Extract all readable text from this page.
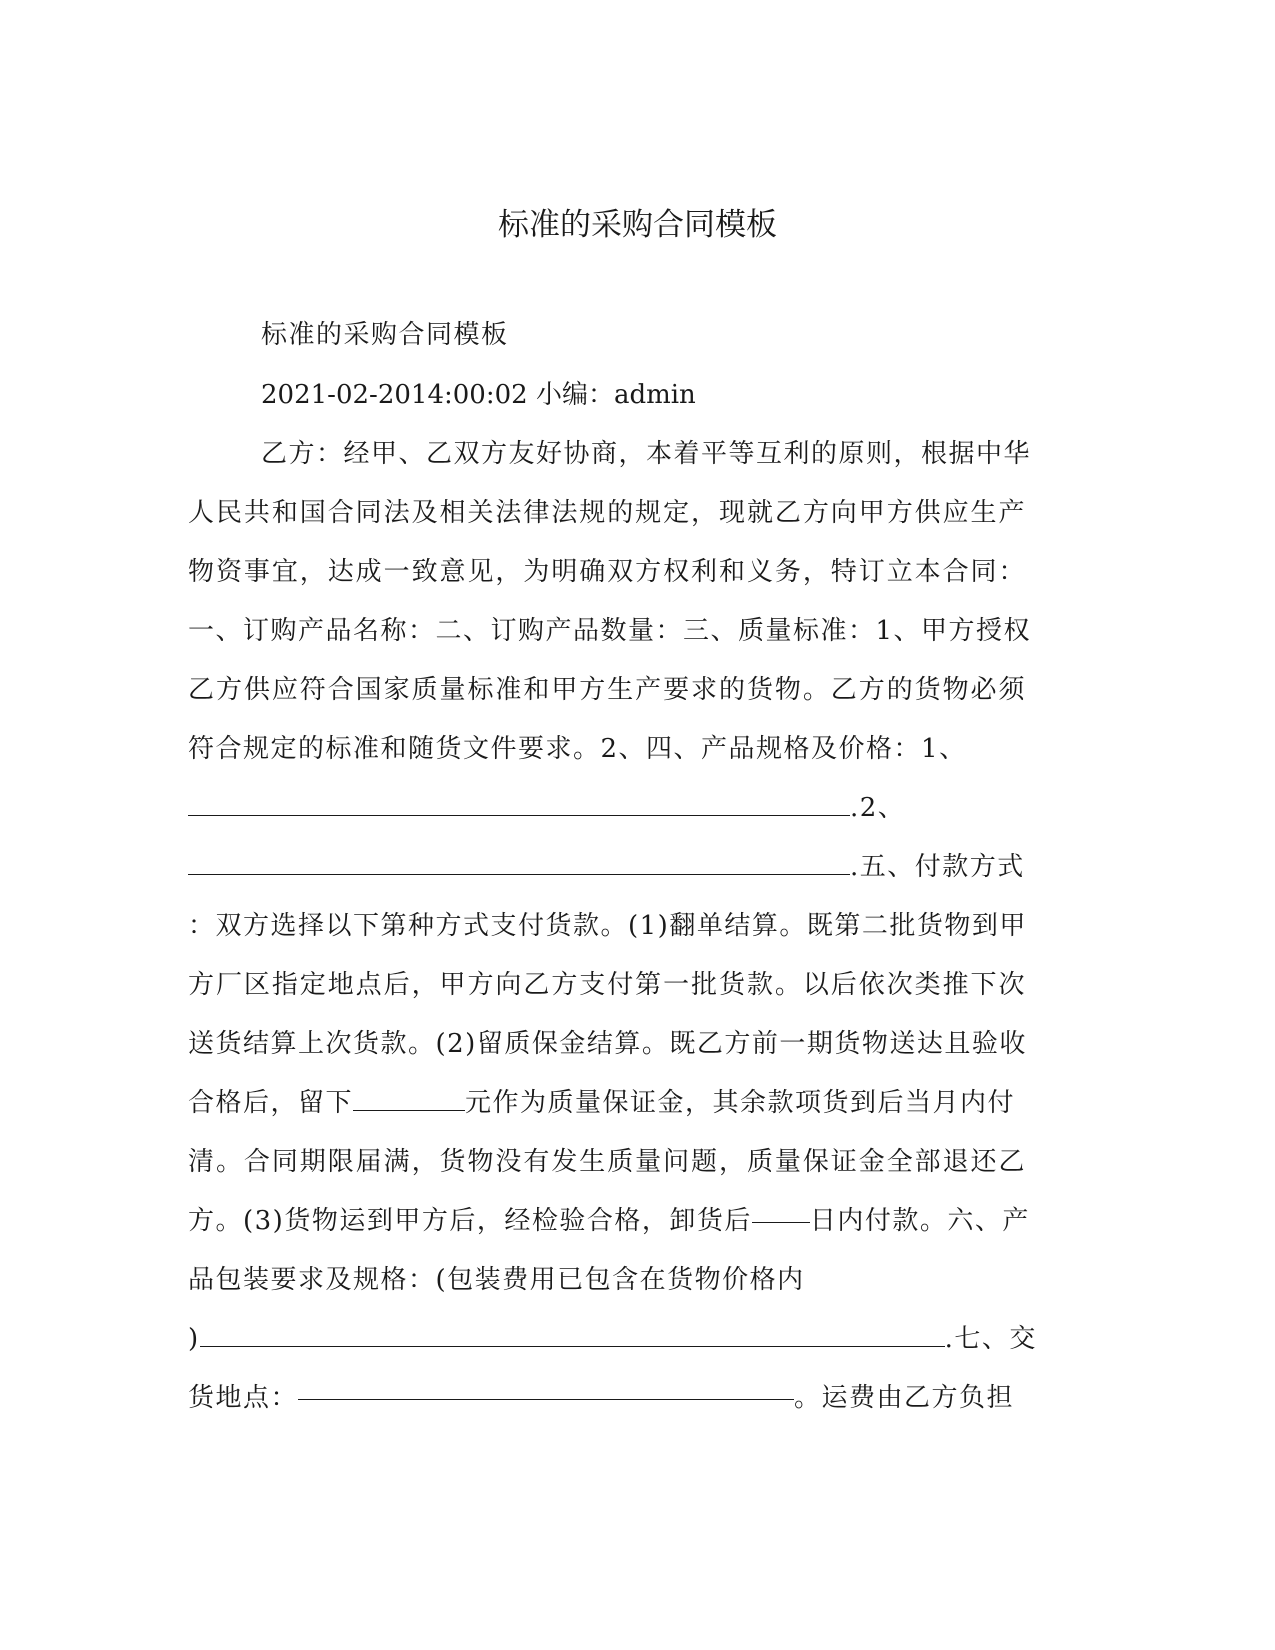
标准的采购合同模板
标准的采购合同模板
2021-02-2014:00:02 小编：admin
乙方：经甲、乙双方友好协商，本着平等互利的原则，根据中华
人民共和国合同法及相关法律法规的规定，现就乙方向甲方供应生产
物资事宜，达成一致意见，为明确双方权利和义务，特订立本合同：
一、订购产品名称：二、订购产品数量：三、质量标准：1、甲方授权
乙方供应符合国家质量标准和甲方生产要求的货物。乙方的货物必须
符合规定的标准和随货文件要求。2、四、产品规格及价格：1、
.2、
.五、付款方式
：双方选择以下第种方式支付货款。(1)翻单结算。既第二批货物到甲
方厂区指定地点后，甲方向乙方支付第一批货款。以后依次类推下次
送货结算上次货款。(2)留质保金结算。既乙方前一期货物送达且验收
合格后，留下	元作为质量保证金，其余款项货到后当月内付
清。合同期限届满，货物没有发生质量问题，质量保证金全部退还乙
方。(3)货物运到甲方后，经检验合格，卸货后 日内付款。六、产
品包装要求及规格：(包装费用已包含在货物价格内
)	.七、交
货地点：	。运费由乙方负担
